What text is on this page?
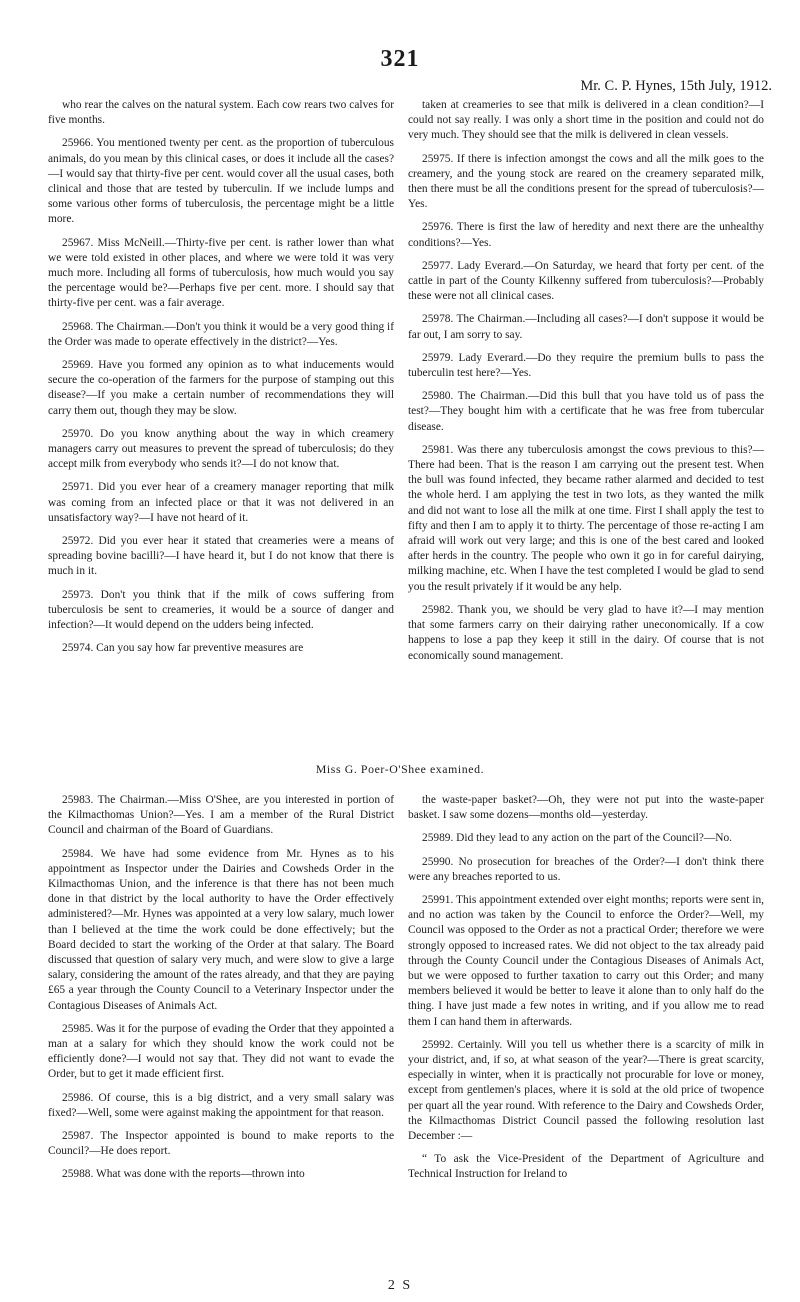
321
Mr. C. P. Hynes, 15th July, 1912.

who rear the calves on the natural system. Each cow rears two calves for five months.

25966. You mentioned twenty per cent. as the proportion of tuberculous animals, do you mean by this clinical cases, or does it include all the cases?—I would say that thirty-five per cent. would cover all the usual cases, both clinical and those that are tested by tuberculin. If we include lumps and some various other forms of tuberculosis, the percentage might be a little more.

25967. Miss McNeill.—Thirty-five per cent. is rather lower than what we were told existed in other places, and where we were told it was very much more. Including all forms of tuberculosis, how much would you say the percentage would be?—Perhaps five per cent. more. I should say that thirty-five per cent. was a fair average.

25968. The Chairman.—Don't you think it would be a very good thing if the Order was made to operate effectively in the district?—Yes.

25969. Have you formed any opinion as to what inducements would secure the co-operation of the farmers for the purpose of stamping out this disease?—If you make a certain number of recommendations they will carry them out, though they may be slow.

25970. Do you know anything about the way in which creamery managers carry out measures to prevent the spread of tuberculosis; do they accept milk from everybody who sends it?—I do not know that.

25971. Did you ever hear of a creamery manager reporting that milk was coming from an infected place or that it was not delivered in an unsatisfactory way?—I have not heard of it.

25972. Did you ever hear it stated that creameries were a means of spreading bovine bacilli?—I have heard it, but I do not know that there is much in it.

25973. Don't you think that if the milk of cows suffering from tuberculosis be sent to creameries, it would be a source of danger and infection?—It would depend on the udders being infected.

25974. Can you say how far preventive measures are

taken at creameries to see that milk is delivered in a clean condition?—I could not say really. I was only a short time in the position and could not do very much. They should see that the milk is delivered in clean vessels.

25975. If there is infection amongst the cows and all the milk goes to the creamery, and the young stock are reared on the creamery separated milk, then there must be all the conditions present for the spread of tuberculosis?—Yes.

25976. There is first the law of heredity and next there are the unhealthy conditions?—Yes.

25977. Lady Everard.—On Saturday, we heard that forty per cent. of the cattle in part of the County Kilkenny suffered from tuberculosis?—Probably these were not all clinical cases.

25978. The Chairman.—Including all cases?—I don't suppose it would be far out, I am sorry to say.

25979. Lady Everard.—Do they require the premium bulls to pass the tuberculin test here?—Yes.

25980. The Chairman.—Did this bull that you have told us of pass the test?—They bought him with a certificate that he was free from tubercular disease.

25981. Was there any tuberculosis amongst the cows previous to this?—There had been. That is the reason I am carrying out the present test. When the bull was found infected, they became rather alarmed and decided to test the whole herd. I am applying the test in two lots, as they wanted the milk and did not want to lose all the milk at one time. First I shall apply the test to fifty and then I am to apply it to thirty. The percentage of those re-acting I am afraid will work out very large; and this is one of the best cared and looked after herds in the country. The people who own it go in for careful dairying, milking machine, etc. When I have the test completed I would be glad to send you the result privately if it would be any help.

25982. Thank you, we should be very glad to have it?—I may mention that some farmers carry on their dairying rather uneconomically. If a cow happens to lose a pap they keep it still in the dairy. Of course that is not economically sound management.

Miss G. Poer-O'Shee examined.

25983. The Chairman.—Miss O'Shee, are you interested in portion of the Kilmacthomas Union?—Yes. I am a member of the Rural District Council and chairman of the Board of Guardians.

25984. We have had some evidence from Mr. Hynes as to his appointment as Inspector under the Dairies and Cowsheds Order in the Kilmacthomas Union, and the inference is that there has not been much done in that district by the local authority to have the Order effectively administered?—Mr. Hynes was appointed at a very low salary, much lower than I believed at the time the work could be done effectively; but the Board decided to start the working of the Order at that salary. The Board discussed that question of salary very much, and were slow to give a large salary, considering the amount of the rates already, and that they are paying £65 a year through the County Council to a Veterinary Inspector under the Contagious Diseases of Animals Act.

25985. Was it for the purpose of evading the Order that they appointed a man at a salary for which they should know the work could not be efficiently done?—I would not say that. They did not want to evade the Order, but to get it made efficient first.

25986. Of course, this is a big district, and a very small salary was fixed?—Well, some were against making the appointment for that reason.

25987. The Inspector appointed is bound to make reports to the Council?—He does report.

25988. What was done with the reports—thrown into

the waste-paper basket?—Oh, they were not put into the waste-paper basket. I saw some dozens—months old—yesterday.

25989. Did they lead to any action on the part of the Council?—No.

25990. No prosecution for breaches of the Order?—I don't think there were any breaches reported to us.

25991. This appointment extended over eight months; reports were sent in, and no action was taken by the Council to enforce the Order?—Well, my Council was opposed to the Order as not a practical Order; therefore we were strongly opposed to increased rates. We did not object to the tax already paid through the County Council under the Contagious Diseases of Animals Act, but we were opposed to further taxation to carry out this Order; and many members believed it would be better to leave it alone than to only half do the thing. I have just made a few notes in writing, and if you allow me to read them I can hand them in afterwards.

25992. Certainly. Will you tell us whether there is a scarcity of milk in your district, and, if so, at what season of the year?—There is great scarcity, especially in winter, when it is practically not procurable for love or money, except from gentlemen's places, where it is sold at the old price of twopence per quart all the year round. With reference to the Dairy and Cowsheds Order, the Kilmacthomas District Council passed the following resolution last December :—

“ To ask the Vice-President of the Department of Agriculture and Technical Instruction for Ireland to

2 S
